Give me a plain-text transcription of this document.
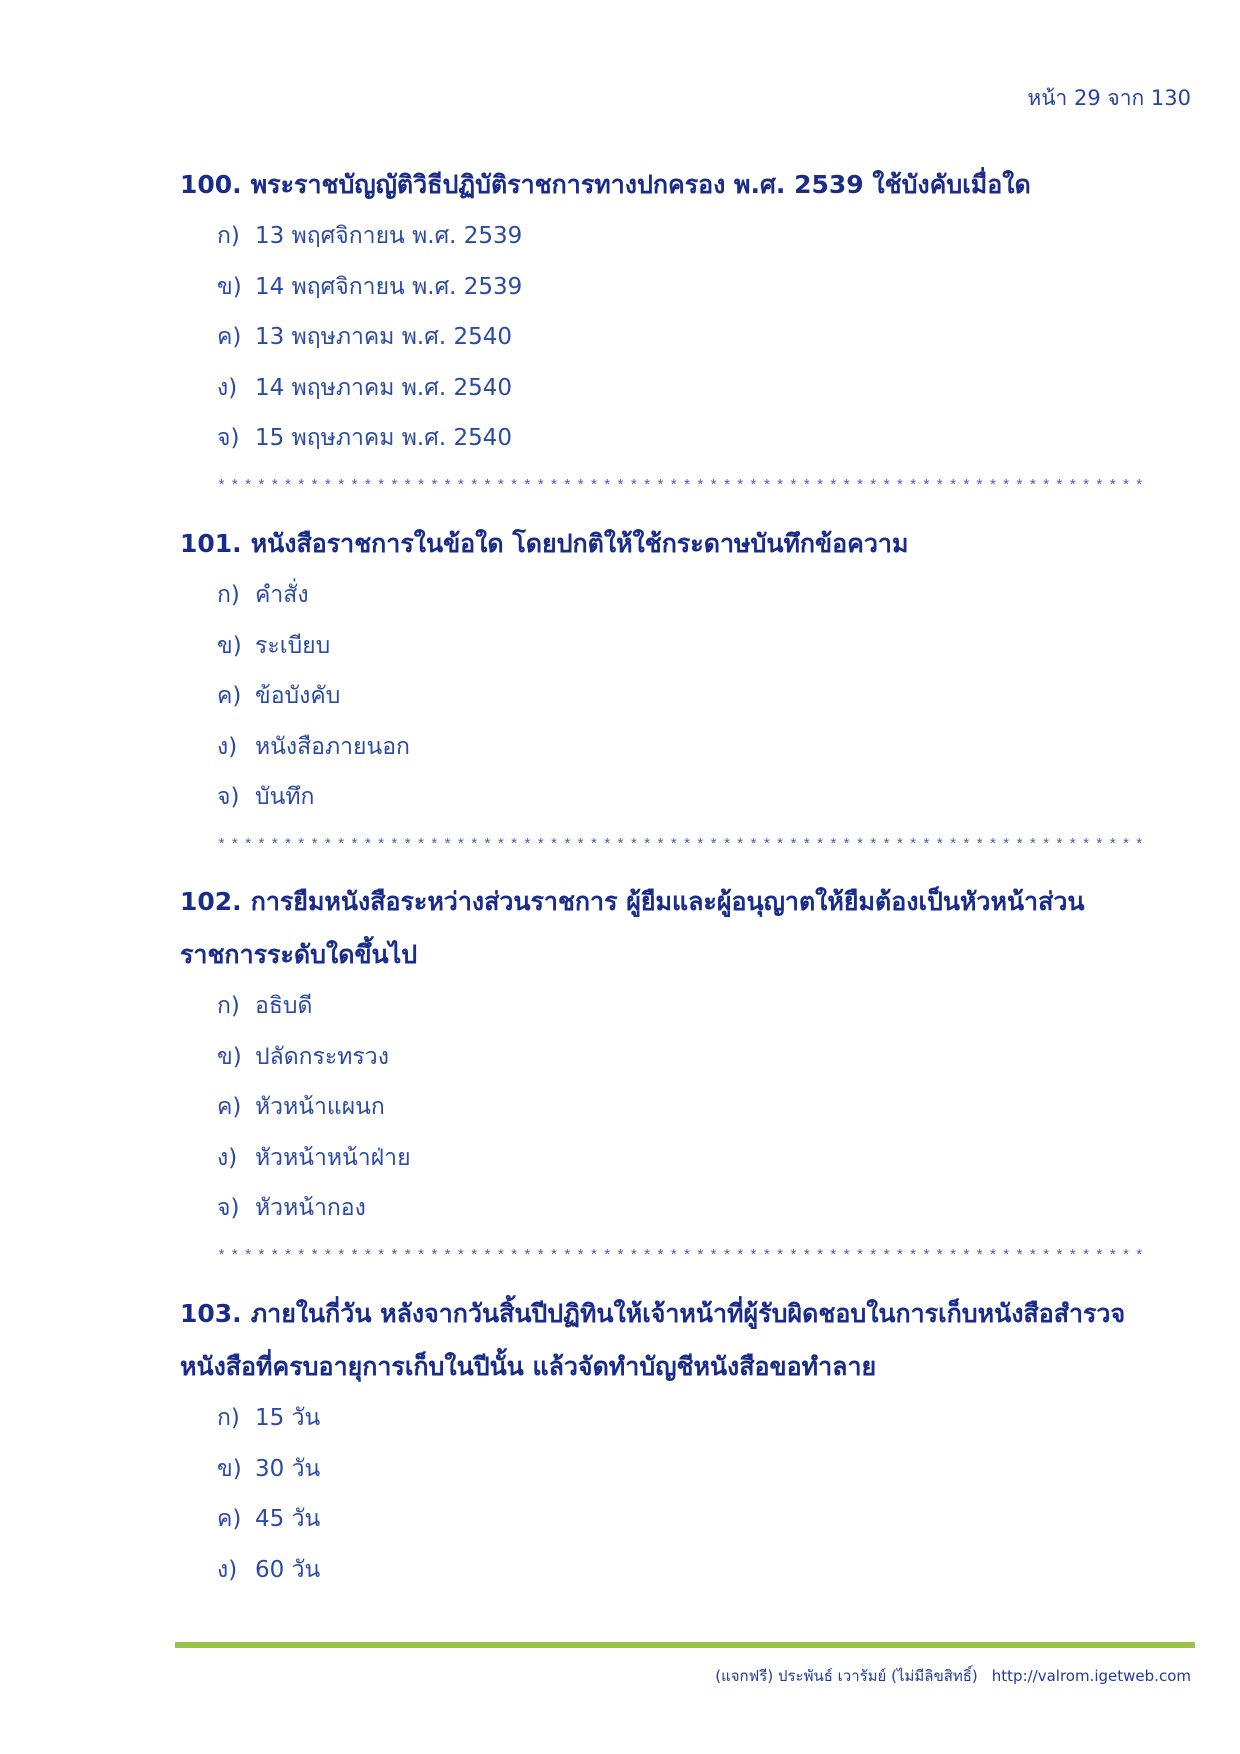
หน้า 29 จาก 130
100. พระราชบัญญัติวิธีปฏิบัติราชการทางปกครอง พ.ศ. 2539 ใช้บังคับเมื่อใด
ก) 13 พฤศจิกายน พ.ศ. 2539
ข) 14 พฤศจิกายน พ.ศ. 2539
ค) 13 พฤษภาคม พ.ศ. 2540
ง) 14 พฤษภาคม พ.ศ. 2540
จ) 15 พฤษภาคม พ.ศ. 2540
**********************************************************************
101. หนังสือราชการในข้อใด โดยปกติให้ใช้กระดาษบันทึกข้อความ
ก) คำสั่ง
ข) ระเบียบ
ค) ข้อบังคับ
ง) หนังสือภายนอก
จ) บันทึก
**********************************************************************
102. การยืมหนังสือระหว่างส่วนราชการ ผู้ยืมและผู้อนุญาตให้ยืมต้องเป็นหัวหน้าส่วน
ราชการระดับใดขึ้นไป
ก) อธิบดี
ข) ปลัดกระทรวง
ค) หัวหน้าแผนก
ง) หัวหน้าหน้าฝ่าย
จ) หัวหน้ากอง
**********************************************************************
103. ภายในกี่วัน หลังจากวันสิ้นปีปฏิทินให้เจ้าหน้าที่ผู้รับผิดชอบในการเก็บหนังสือสำรวจ
หนังสือที่ครบอายุการเก็บในปีนั้น แล้วจัดทำบัญชีหนังสือขอทำลาย
ก) 15 วัน
ข) 30 วัน
ค) 45 วัน
ง) 60 วัน
(แจกฟรี) ประพันธ์ เวารัมย์ (ไม่มีลิขสิทธิ์) http://valrom.igetweb.com
